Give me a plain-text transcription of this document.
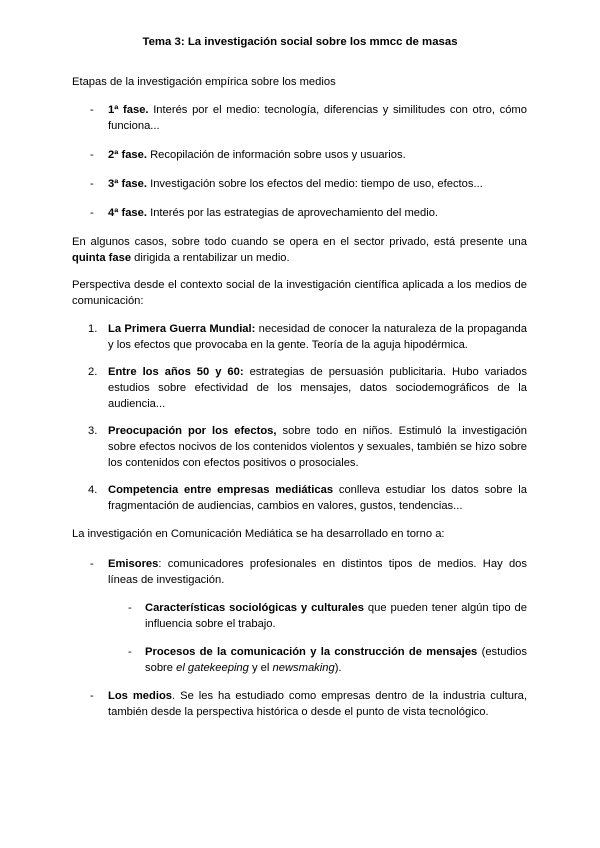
Tema 3: La investigación social sobre los mmcc de masas
Etapas de la investigación empírica sobre los medios
- 1ª fase. Interés por el medio: tecnología, diferencias y similitudes con otro, cómo funciona...
- 2ª fase. Recopilación de información sobre usos y usuarios.
- 3ª fase. Investigación sobre los efectos del medio: tiempo de uso, efectos...
- 4ª fase. Interés por las estrategias de aprovechamiento del medio.
En algunos casos, sobre todo cuando se opera en el sector privado, está presente una quinta fase dirigida a rentabilizar un medio.
Perspectiva desde el contexto social de la investigación científica aplicada a los medios de comunicación:
1. La Primera Guerra Mundial: necesidad de conocer la naturaleza de la propaganda y los efectos que provocaba en la gente. Teoría de la aguja hipodérmica.
2. Entre los años 50 y 60: estrategias de persuasión publicitaria. Hubo variados estudios sobre efectividad de los mensajes, datos sociodemográficos de la audiencia...
3. Preocupación por los efectos, sobre todo en niños. Estimuló la investigación sobre efectos nocivos de los contenidos violentos y sexuales, también se hizo sobre los contenidos con efectos positivos o prosociales.
4. Competencia entre empresas mediáticas conlleva estudiar los datos sobre la fragmentación de audiencias, cambios en valores, gustos, tendencias...
La investigación en Comunicación Mediática se ha desarrollado en torno a:
- Emisores: comunicadores profesionales en distintos tipos de medios. Hay dos líneas de investigación.
- Características sociológicas y culturales que pueden tener algún tipo de influencia sobre el trabajo.
- Procesos de la comunicación y la construcción de mensajes (estudios sobre el gatekeeping y el newsmaking).
- Los medios. Se les ha estudiado como empresas dentro de la industria cultura, también desde la perspectiva histórica o desde el punto de vista tecnológico.
